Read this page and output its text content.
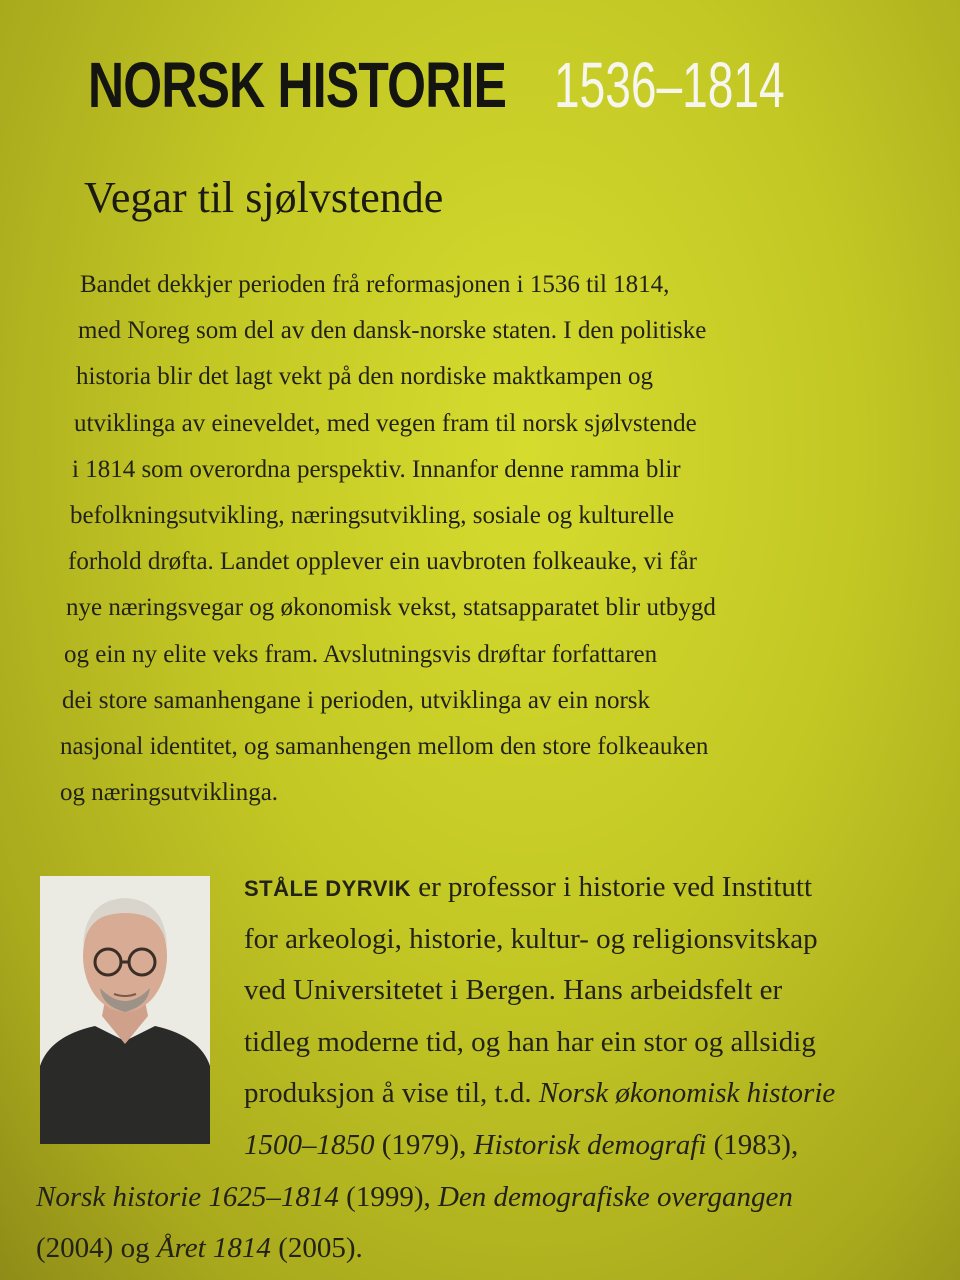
NORSK HISTORIE 1536–1814
Vegar til sjølvstende
Bandet dekkjer perioden frå reformasjonen i 1536 til 1814,
med Noreg som del av den dansk-norske staten. I den politiske
historia blir det lagt vekt på den nordiske maktkampen og
utviklinga av eineveldet, med vegen fram til norsk sjølvstende
i 1814 som overordna perspektiv. Innanfor denne ramma blir
befolkningsutvikling, næringsutvikling, sosiale og kulturelle
forhold drøfta. Landet opplever ein uavbroten folkeauke, vi får
nye næringsvegar og økonomisk vekst, statsapparatet blir utbygd
og ein ny elite veks fram. Avslutningsvis drøftar forfattaren
dei store samanhengane i perioden, utviklinga av ein norsk
nasjonal identitet, og samanhengen mellom den store folkeauken
og næringsutviklinga.
STÅLE DYRVIK er professor i historie ved Institutt
for arkeologi, historie, kultur- og religionsvitskap
ved Universitetet i Bergen. Hans arbeidsfelt er
tidleg moderne tid, og han har ein stor og allsidig
produksjon å vise til, t.d. Norsk økonomisk historie
1500–1850 (1979), Historisk demografi (1983),
Norsk historie 1625–1814 (1999), Den demografiske overgangen
(2004) og Året 1814 (2005).
